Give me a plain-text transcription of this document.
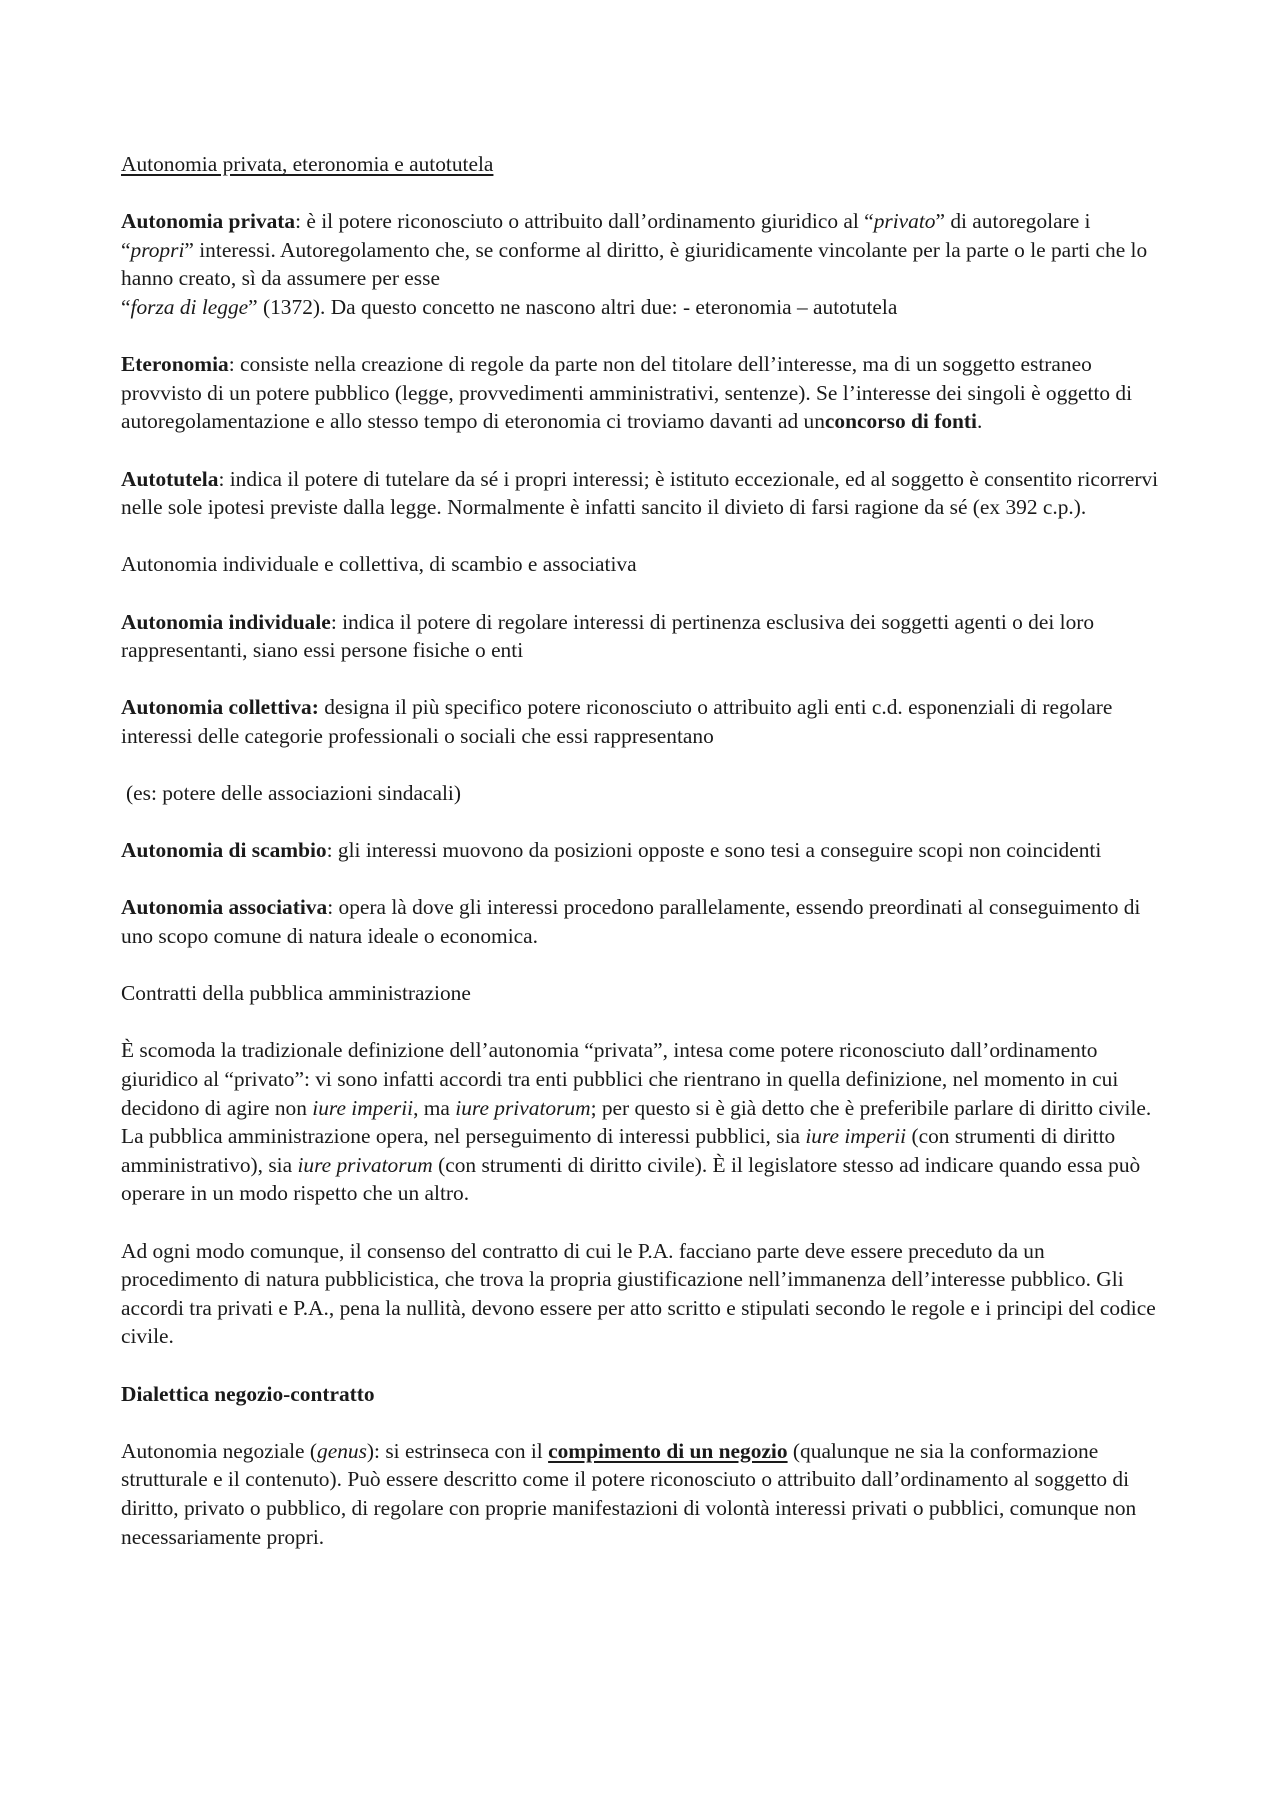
Autonomia privata, eteronomia e autotutela

Autonomia privata: è il potere riconosciuto o attribuito dall’ordinamento giuridico al “privato” di autoregolare i “propri” interessi. Autoregolamento che, se conforme al diritto, è giuridicamente vincolante per la parte o le parti che lo hanno creato, sì da assumere per esse
“forza di legge” (1372). Da questo concetto ne nascono altri due: - eteronomia – autotutela

Eteronomia: consiste nella creazione di regole da parte non del titolare dell’interesse, ma di un soggetto estraneo provvisto di un potere pubblico (legge, provvedimenti amministrativi, sentenze). Se l’interesse dei singoli è oggetto di autoregolamentazione e allo stesso tempo di eteronomia ci troviamo davanti ad unconcorso di fonti.

Autotutela: indica il potere di tutelare da sé i propri interessi; è istituto eccezionale, ed al soggetto è consentito ricorrervi nelle sole ipotesi previste dalla legge. Normalmente è infatti sancito il divieto di farsi ragione da sé (ex 392 c.p.).

Autonomia individuale e collettiva, di scambio e associativa

Autonomia individuale: indica il potere di regolare interessi di pertinenza esclusiva dei soggetti agenti o dei loro rappresentanti, siano essi persone fisiche o enti

Autonomia collettiva: designa il più specifico potere riconosciuto o attribuito agli enti c.d. esponenziali di regolare interessi delle categorie professionali o sociali che essi rappresentano

(es: potere delle associazioni sindacali)

Autonomia di scambio: gli interessi muovono da posizioni opposte e sono tesi a conseguire scopi non coincidenti

Autonomia associativa: opera là dove gli interessi procedono parallelamente, essendo preordinati al conseguimento di uno scopo comune di natura ideale o economica.

Contratti della pubblica amministrazione

È scomoda la tradizionale definizione dell’autonomia “privata”, intesa come potere riconosciuto dall’ordinamento giuridico al “privato”: vi sono infatti accordi tra enti pubblici che rientrano in quella definizione, nel momento in cui decidono di agire non iure imperii, ma iure privatorum; per questo si è già detto che è preferibile parlare di diritto civile.

La pubblica amministrazione opera, nel perseguimento di interessi pubblici, sia iure imperii (con strumenti di diritto amministrativo), sia iure privatorum (con strumenti di diritto civile). È il legislatore stesso ad indicare quando essa può operare in un modo rispetto che un altro.

Ad ogni modo comunque, il consenso del contratto di cui le P.A. facciano parte deve essere preceduto da un procedimento di natura pubblicistica, che trova la propria giustificazione nell’immanenza dell’interesse pubblico. Gli accordi tra privati e P.A., pena la nullità, devono essere per atto scritto e stipulati secondo le regole e i principi del codice civile.

Dialettica negozio-contratto

Autonomia negoziale (genus): si estrinseca con il compimento di un negozio (qualunque ne sia la conformazione strutturale e il contenuto). Può essere descritto come il potere riconosciuto o attribuito dall’ordinamento al soggetto di diritto, privato o pubblico, di regolare con proprie manifestazioni di volontà interessi privati o pubblici, comunque non necessariamente propri.
